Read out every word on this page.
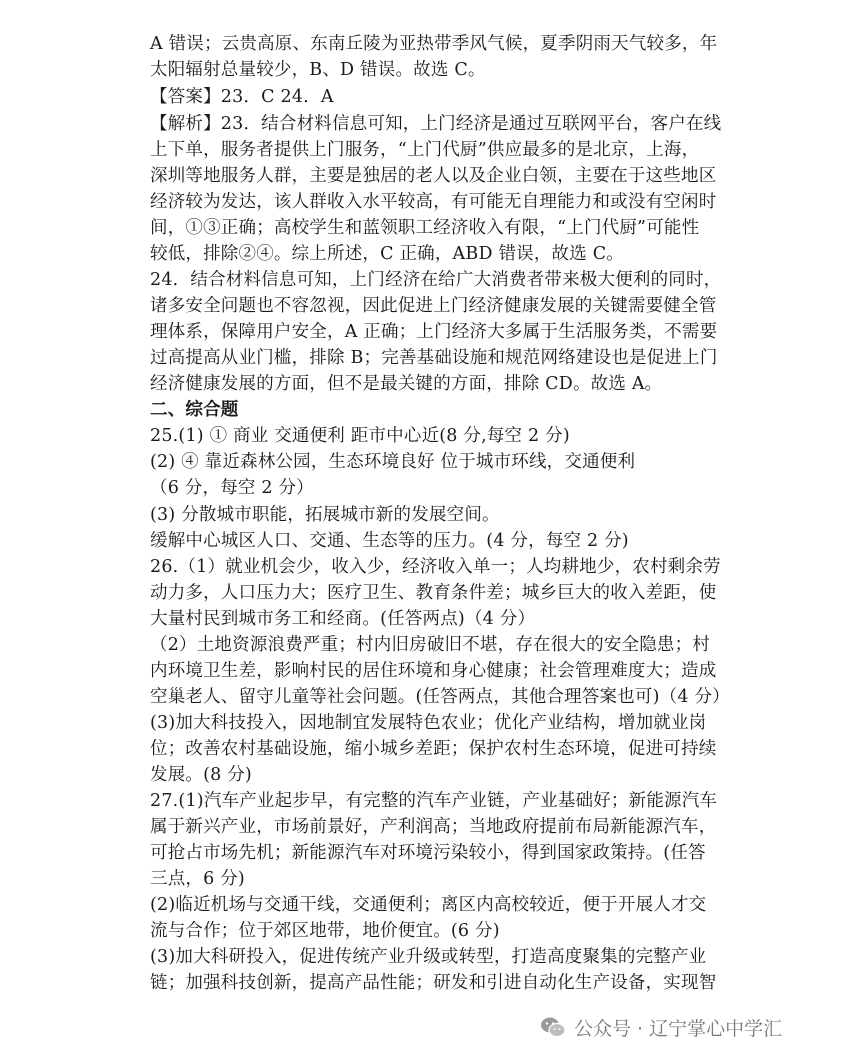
A 错误；云贵高原、东南丘陵为亚热带季风气候，夏季阴雨天气较多，年
太阳辐射总量较少，B、D 错误。故选 C。
【答案】23．C 24．A
【解析】23．结合材料信息可知，上门经济是通过互联网平台，客户在线
上下单，服务者提供上门服务，“上门代厨”供应最多的是北京，上海，
深圳等地服务人群，主要是独居的老人以及企业白领，主要在于这些地区
经济较为发达，该人群收入水平较高，有可能无自理能力和或没有空闲时
间，①③正确；高校学生和蓝领职工经济收入有限，“上门代厨”可能性
较低，排除②④。综上所述，C 正确，ABD 错误，故选 C。
24．结合材料信息可知，上门经济在给广大消费者带来极大便利的同时，
诸多安全问题也不容忽视，因此促进上门经济健康发展的关键需要健全管
理体系，保障用户安全，A 正确；上门经济大多属于生活服务类，不需要
过高提高从业门槛，排除 B；完善基础设施和规范网络建设也是促进上门
经济健康发展的方面，但不是最关键的方面，排除 CD。故选 A。
二、综合题
25.(1) ① 商业 交通便利 距市中心近(8 分,每空 2 分)
(2) ④ 靠近森林公园，生态环境良好 位于城市环线，交通便利
（6 分，每空 2 分）
(3) 分散城市职能，拓展城市新的发展空间。
缓解中心城区人口、交通、生态等的压力。(4 分，每空 2 分)
26.（1）就业机会少，收入少，经济收入单一；人均耕地少，农村剩余劳
动力多，人口压力大；医疗卫生、教育条件差；城乡巨大的收入差距，使
大量村民到城市务工和经商。(任答两点)（4 分）
（2）土地资源浪费严重；村内旧房破旧不堪，存在很大的安全隐患；村
内环境卫生差，影响村民的居住环境和身心健康；社会管理难度大；造成
空巢老人、留守儿童等社会问题。(任答两点，其他合理答案也可)（4 分）
(3)加大科技投入，因地制宜发展特色农业；优化产业结构，增加就业岗
位；改善农村基础设施，缩小城乡差距；保护农村生态环境，促进可持续
发展。(8 分)
27.(1)汽车产业起步早，有完整的汽车产业链，产业基础好；新能源汽车
属于新兴产业，市场前景好，产利润高；当地政府提前布局新能源汽车，
可抢占市场先机；新能源汽车对环境污染较小，得到国家政策持。(任答
三点，6 分)
(2)临近机场与交通干线，交通便利；离区内高校较近，便于开展人才交
流与合作；位于郊区地带，地价便宜。(6 分)
(3)加大科研投入，促进传统产业升级或转型，打造高度聚集的完整产业
链；加强科技创新，提高产品性能；研发和引进自动化生产设备，实现智
公众号 · 辽宁掌心中学汇
